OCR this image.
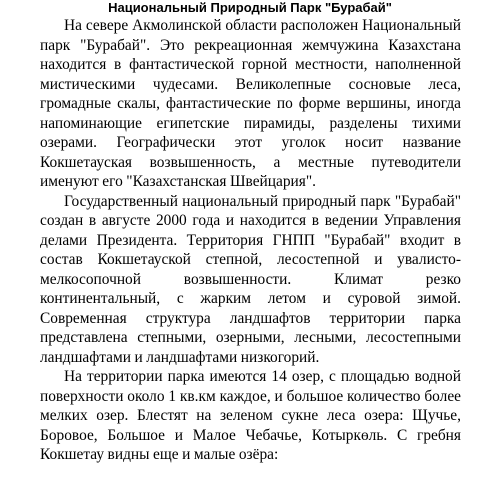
Национальный Природный Парк "Бурабай"

На севере Акмолинской области расположен Национальный парк "Бурабай". Это рекреационная жемчужина Казахстана находится в фантастической горной местности, наполненной мистическими чудесами. Великолепные сосновые леса, громадные скалы, фантастические по форме вершины, иногда напоминающие египетские пирамиды, разделены тихими озерами. Географически этот уголок носит название Кокшетауская возвышенность, а местные путеводители именуют его "Казахстанская Швейцария".

Государственный национальный природный парк "Бурабай" создан в августе 2000 года и находится в ведении Управления делами Президента. Территория ГНПП "Бурабай" входит в состав Кокшетауской степной, лесостепной и увалисто-мелкосопочной возвышенности. Климат резко континентальный, с жарким летом и суровой зимой. Современная структура ландшафтов территории парка представлена степными, озерными, лесными, лесостепными ландшафтами и ландшафтами низкогорий.

На территории парка имеются 14 озер, с площадью водной поверхности около 1 кв.км каждое, и большое количество более мелких озер. Блестят на зеленом сукне леса озера: Щучье, Боровое, Большое и Малое Чебачье, Котыркөль. С гребня Кокшетау видны еще и малые озёра:
